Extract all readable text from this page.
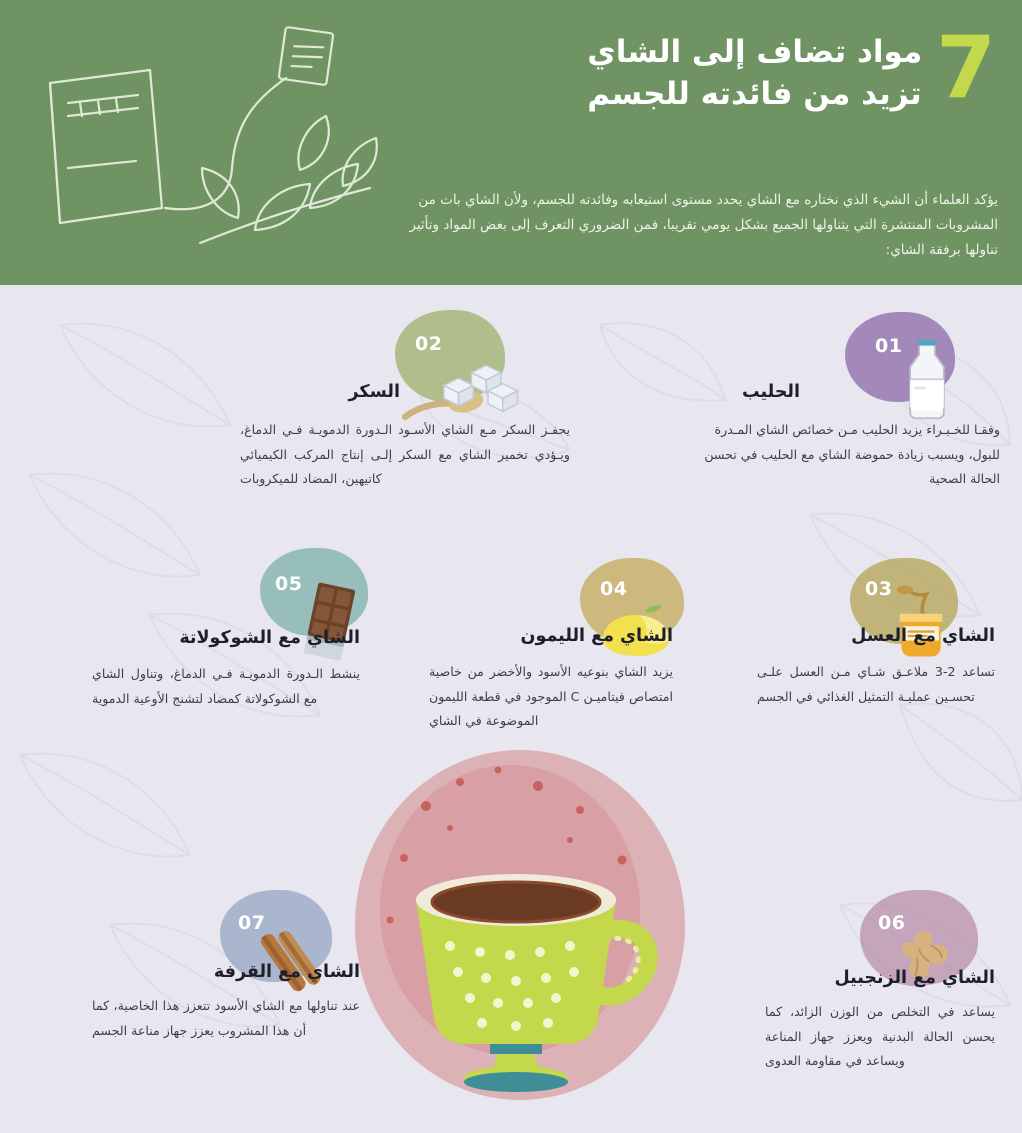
7
مواد تضاف إلى الشاي
تزيد من فائدته للجسم
يؤكد العلماء أن الشيء الذي نختاره مع الشاي يحدد مستوى استيعابه وفائدته للجسم، ولأن الشاي بات من المشروبات المنتشرة التي يتناولها الجميع بشكل يومي تقريبا، فمن الضروري التعرف إلى بعض المواد وتأثير تناولها برفقة الشاي:
01
الحليب
وفقـا للخـبـراء يزيد الحليب مـن خصائص الشاي المـدرة للبول، ويسبب زيادة حموضة الشاي مع الحليب في تحسن الحالة الصحية
02
السكر
يحفـز السكر مـع الشاي الأسـود الـدورة الدمويـة فـي الدماغ، ويـؤدي تخمير الشاي مع السكر إلـى إنتاج المركب الكيميائي كاتيهين، المضاد للميكروبات
03
الشاي مع العسل
تساعد 2-3 ملاعـق شـاي مـن العسل علـى تحسـين عمليـة التمثيل الغذائي في الجسم
04
الشاي مع الليمون
يزيد الشاي بنوعيه الأسود والأخضر من خاصية امتصاص فيتاميـن C الموجود في قطعة الليمون الموضوعة في الشاي
05
الشاي مع الشوكولاتة
ينشط الـدورة الدمويـة فـي الدماغ، وتناول الشاي مع الشوكولاتة كمضاد لتشنج الأوعية الدموية
06
الشاي مع الزنجبيل
يساعد في التخلص من الوزن الزائد، كما يحسن الحالة البدنية ويعزز جهاز المناعة ويساعد في مقاومة العدوى
07
الشاي مع القرفة
عند تناولها مع الشاي الأسود تتعزز هذا الخاصية، كما أن هذا المشروب يعزز جهاز مناعة الجسم
